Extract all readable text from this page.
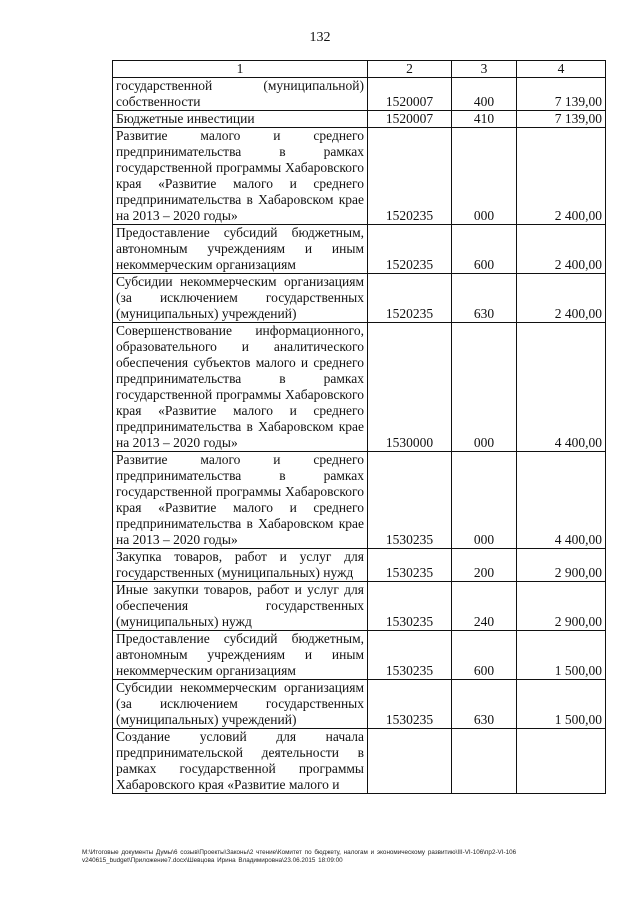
132
1	2	3	4
государственной (муниципальной) собственности	1520007	400	7 139,00
Бюджетные инвестиции	1520007	410	7 139,00
Развитие малого и среднего предпринимательства в рамках государственной программы Хабаровского края «Развитие малого и среднего предпринимательства в Хабаровском крае на 2013 – 2020 годы»	1520235	000	2 400,00
Предоставление субсидий бюджетным, автономным учреждениям и иным некоммерческим организациям	1520235	600	2 400,00
Субсидии некоммерческим организациям (за исключением государственных (муниципальных) учреждений)	1520235	630	2 400,00
Совершенствование информационного, образовательного и аналитического обеспечения субъектов малого и среднего предпринимательства в рамках государственной программы Хабаровского края «Развитие малого и среднего предпринимательства в Хабаровском крае на 2013 – 2020 годы»	1530000	000	4 400,00
Развитие малого и среднего предпринимательства в рамках государственной программы Хабаровского края «Развитие малого и среднего предпринимательства в Хабаровском крае на 2013 – 2020 годы»	1530235	000	4 400,00
Закупка товаров, работ и услуг для государственных (муниципальных) нужд	1530235	200	2 900,00
Иные закупки товаров, работ и услуг для обеспечения государственных (муниципальных) нужд	1530235	240	2 900,00
Предоставление субсидий бюджетным, автономным учреждениям и иным некоммерческим организациям	1530235	600	1 500,00
Субсидии некоммерческим организациям (за исключением государственных (муниципальных) учреждений)	1530235	630	1 500,00
Создание условий для начала предпринимательской деятельности в рамках государственной программы Хабаровского края «Развитие малого и			
M:\Итоговые документы Думы\6 созыв\Проекты\Законы\2 чтение\Комитет по бюджету, налогам и экономическому развитию\III-VI-106\пр2-VI-106 v240615_budget\Приложение7.docx\Шевцова Ирина Владимировна\23.06.2015 18:09:00
